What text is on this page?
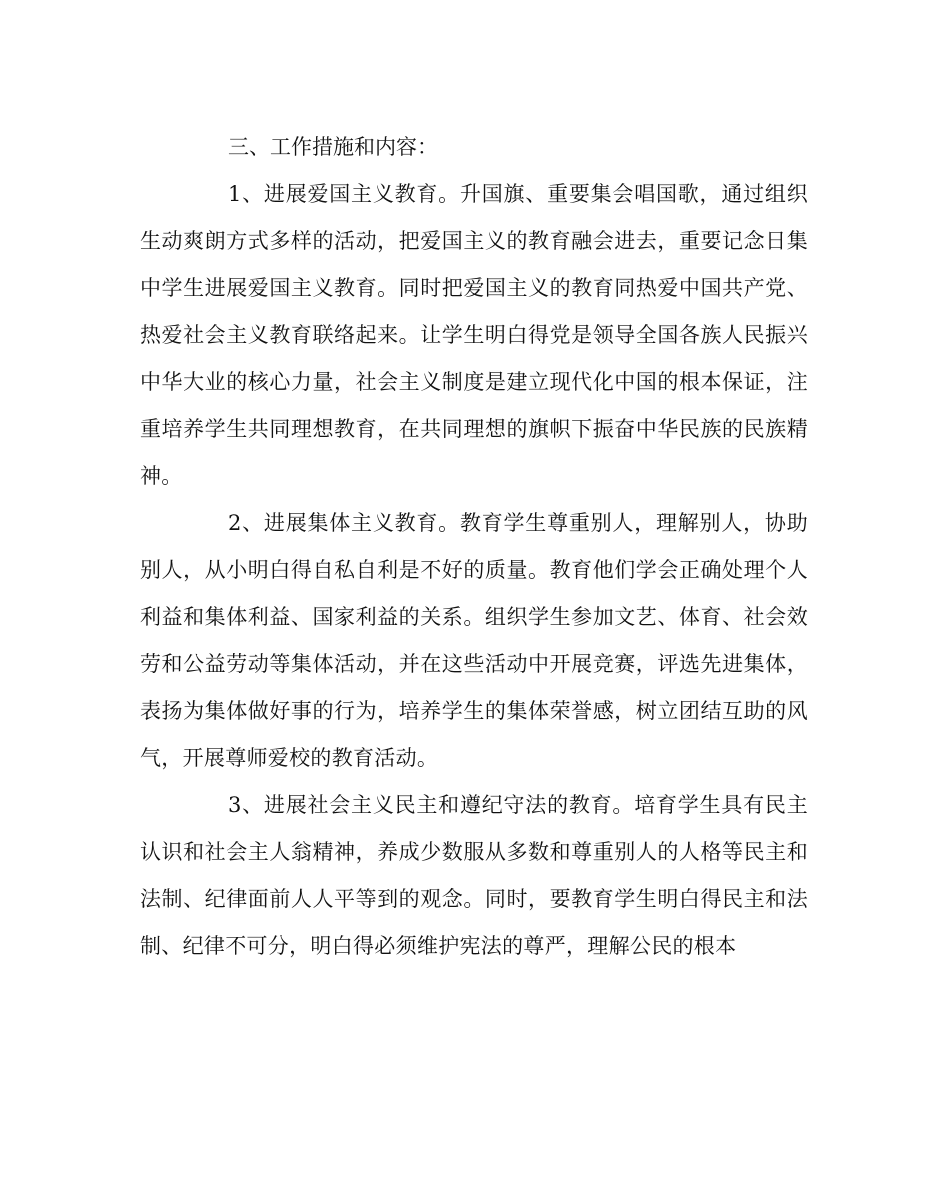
三、工作措施和内容：

1、进展爱国主义教育。升国旗、重要集会唱国歌，通过组织生动爽朗方式多样的活动，把爱国主义的教育融会进去，重要记念日集中学生进展爱国主义教育。同时把爱国主义的教育同热爱中国共产党、热爱社会主义教育联络起来。让学生明白得党是领导全国各族人民振兴中华大业的核心力量，社会主义制度是建立现代化中国的根本保证，注重培养学生共同理想教育，在共同理想的旗帜下振奋中华民族的民族精神。

2、进展集体主义教育。教育学生尊重别人，理解别人，协助别人，从小明白得自私自利是不好的质量。教育他们学会正确处理个人利益和集体利益、国家利益的关系。组织学生参加文艺、体育、社会效劳和公益劳动等集体活动，并在这些活动中开展竞赛，评选先进集体，表扬为集体做好事的行为，培养学生的集体荣誉感，树立团结互助的风气，开展尊师爱校的教育活动。

3、进展社会主义民主和遵纪守法的教育。培育学生具有民主认识和社会主人翁精神，养成少数服从多数和尊重别人的人格等民主和法制、纪律面前人人平等到的观念。同时，要教育学生明白得民主和法制、纪律不可分，明白得必须维护宪法的尊严，理解公民的根本
